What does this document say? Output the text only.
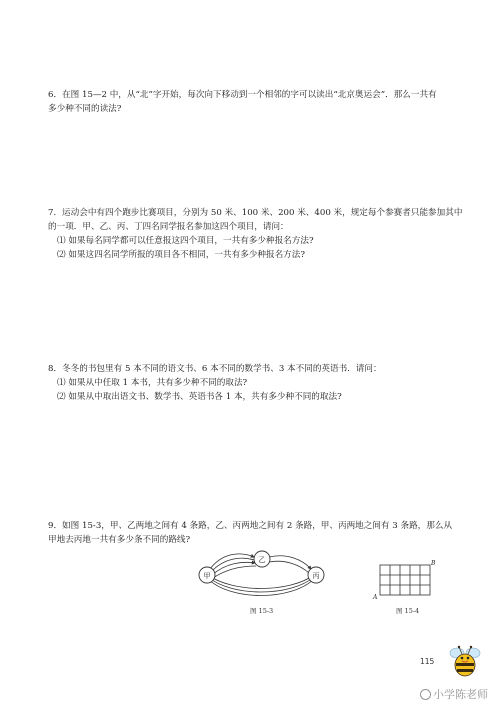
6．在图 15—2 中，从“北”字开始，每次向下移动到一个相邻的字可以读出“北京奥运会”．那么一共有

多少种不同的读法?

7．运动会中有四个跑步比赛项目，分别为 50 米、100 米、200 米、400 米，规定每个参赛者只能参加其中

的一项．甲、乙、丙、丁四名同学报名参加这四个项目，请问：

⑴ 如果每名同学都可以任意报这四个项目，一共有多少种报名方法?

⑵ 如果这四名同学所报的项目各不相同，一共有多少种报名方法?

8．冬冬的书包里有 5 本不同的语文书、6 本不同的数学书、3 本不同的英语书．请问：

⑴ 如果从中任取 1 本书，共有多少种不同的取法?

⑵ 如果从中取出语文书、数学书、英语书各 1 本，共有多少种不同的取法?

9．如图 15-3，甲、乙两地之间有 4 条路，乙、丙两地之间有 2 条路，甲、丙两地之间有 3 条路，那么从

甲地去丙地一共有多少条不同的路线?

甲
乙
丙
图 15-3
A
B
图 15-4
115
小学陈老师
